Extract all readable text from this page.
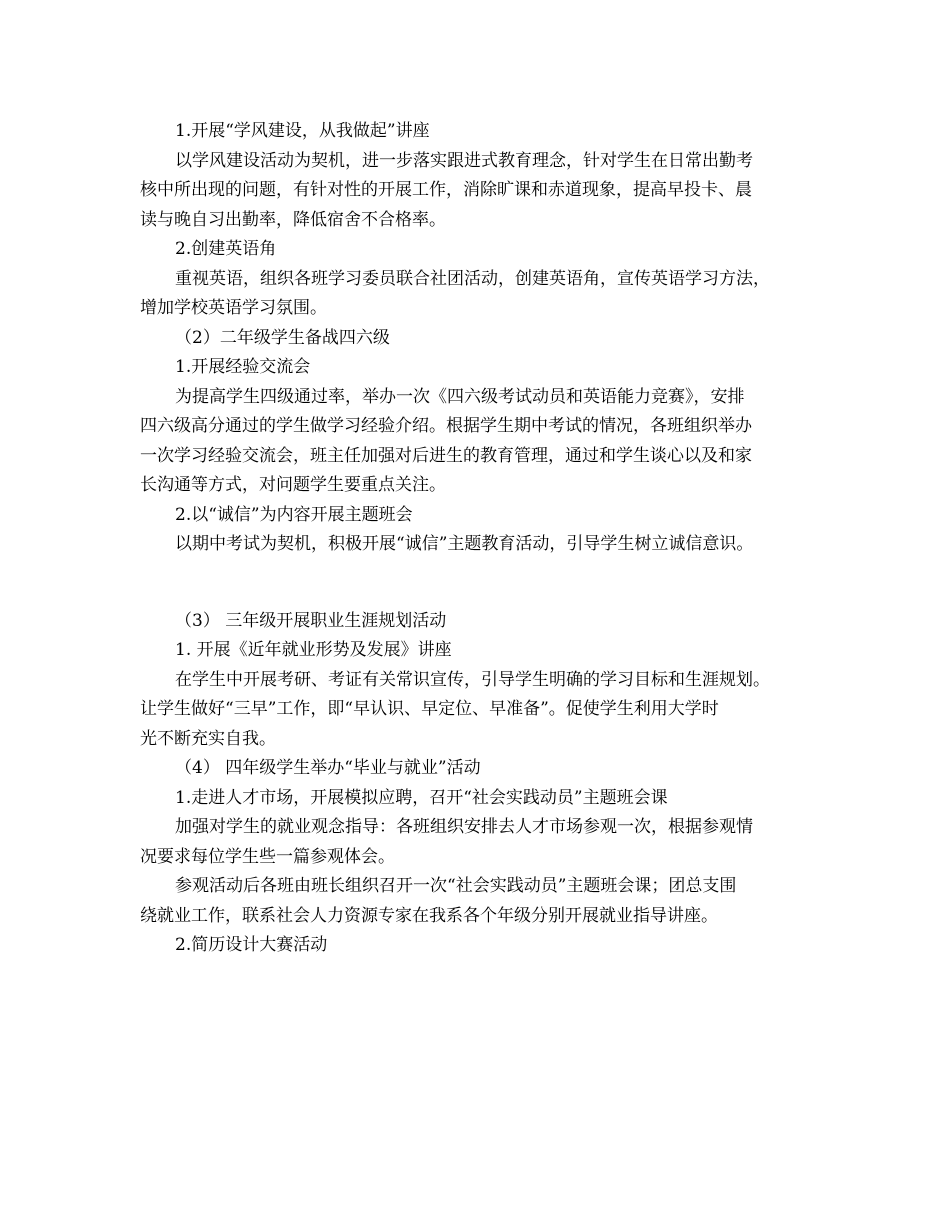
1.开展“学风建设，从我做起”讲座
以学风建设活动为契机，进一步落实跟进式教育理念，针对学生在日常出勤考
核中所出现的问题，有针对性的开展工作，消除旷课和赤道现象，提高早投卡、晨
读与晚自习出勤率，降低宿舍不合格率。
2.创建英语角
重视英语，组织各班学习委员联合社团活动，创建英语角，宣传英语学习方法，
增加学校英语学习氛围。
（2）二年级学生备战四六级
1.开展经验交流会
为提高学生四级通过率，举办一次《四六级考试动员和英语能力竞赛》，安排
四六级高分通过的学生做学习经验介绍。根据学生期中考试的情况，各班组织举办
一次学习经验交流会，班主任加强对后进生的教育管理，通过和学生谈心以及和家
长沟通等方式，对问题学生要重点关注。
2.以“诚信”为内容开展主题班会
以期中考试为契机，积极开展“诚信”主题教育活动，引导学生树立诚信意识。
（3） 三年级开展职业生涯规划活动
1. 开展《近年就业形势及发展》讲座
在学生中开展考研、考证有关常识宣传，引导学生明确的学习目标和生涯规划。
让学生做好“三早”工作，即“早认识、早定位、早准备”。促使学生利用大学时
光不断充实自我。
（4） 四年级学生举办“毕业与就业”活动
1.走进人才市场，开展模拟应聘，召开“社会实践动员”主题班会课
加强对学生的就业观念指导：各班组织安排去人才市场参观一次，根据参观情
况要求每位学生些一篇参观体会。
参观活动后各班由班长组织召开一次“社会实践动员”主题班会课；团总支围
绕就业工作，联系社会人力资源专家在我系各个年级分别开展就业指导讲座。
2.简历设计大赛活动
